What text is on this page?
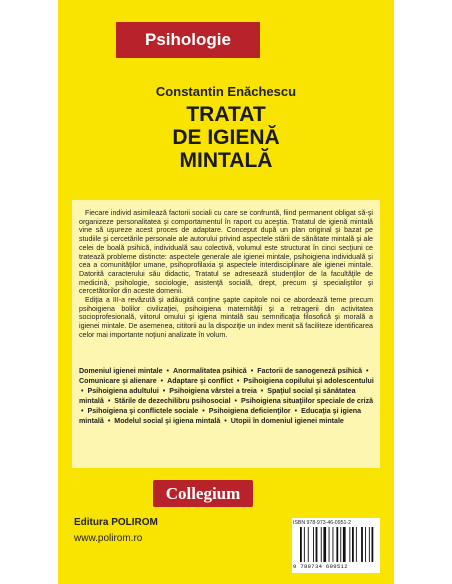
Psihologie
Constantin Enăchescu
TRATAT
DE IGIENĂ
MINTALĂ

Fiecare individ asimilează factorii sociali cu care se confruntă, fiind permanent obligat să-şi organizeze personalitatea şi comportamentul în raport cu aceştia. Tratatul de igienă mintală vine să uşureze acest proces de adaptare. Conceput după un plan original şi bazat pe studiile şi cercetările personale ale autorului privind aspectele stării de sănătate mintală şi ale celei de boală psihică, individuală sau colectivă, volumul este structurat în cinci secţiuni ce tratează probleme distincte: aspectele generale ale igienei mintale, psihoigiena individuală şi cea a comunităţilor umane, psihoprofilaxia şi aspectele interdisciplinare ale igienei mintale. Datorită caracterului său didactic, Tratatul se adresează studenţilor de la facultăţile de medicină, psihologie, sociologie, asistenţă socială, drept, precum şi specialiştilor şi cercetătorilor din aceste domenii.

Ediţia a III-a revăzută şi adăugită conţine şapte capitole noi ce abordează teme precum psihoigiena bolilor civilizaţiei, psihoigiena maternităţii şi a retragerii din activitatea socioprofesională, viitorul omului şi igiena mintală sau semnificaţia filosofică şi morală a igienei mintale. De asemenea, cititorii au la dispoziţie un index menit să faciliteze identificarea celor mai importante noţiuni analizate în volum.

Domeniul igienei mintale • Anormalitatea psihică • Factorii de sanogeneză psihică • Comunicare şi alienare • Adaptare şi conflict • Psihoigiena copilului şi adolescentului • Psihoigiena adultului • Psihoigiena vârstei a treia • Spaţiul social şi sănătatea mintală • Stările de dezechilibru psihosocial • Psihoigiena situaţiilor speciale de criză • Psihoigiena şi conflictele sociale • Psihoigiena deficienţilor • Educaţia şi igiena mintală • Modelul social şi igiena mintală • Utopii în domeniul igienei mintale
Collegium
Editura POLIROM
www.polirom.ro
ISBN 978-973-46-0951-2
9 789734 609512
